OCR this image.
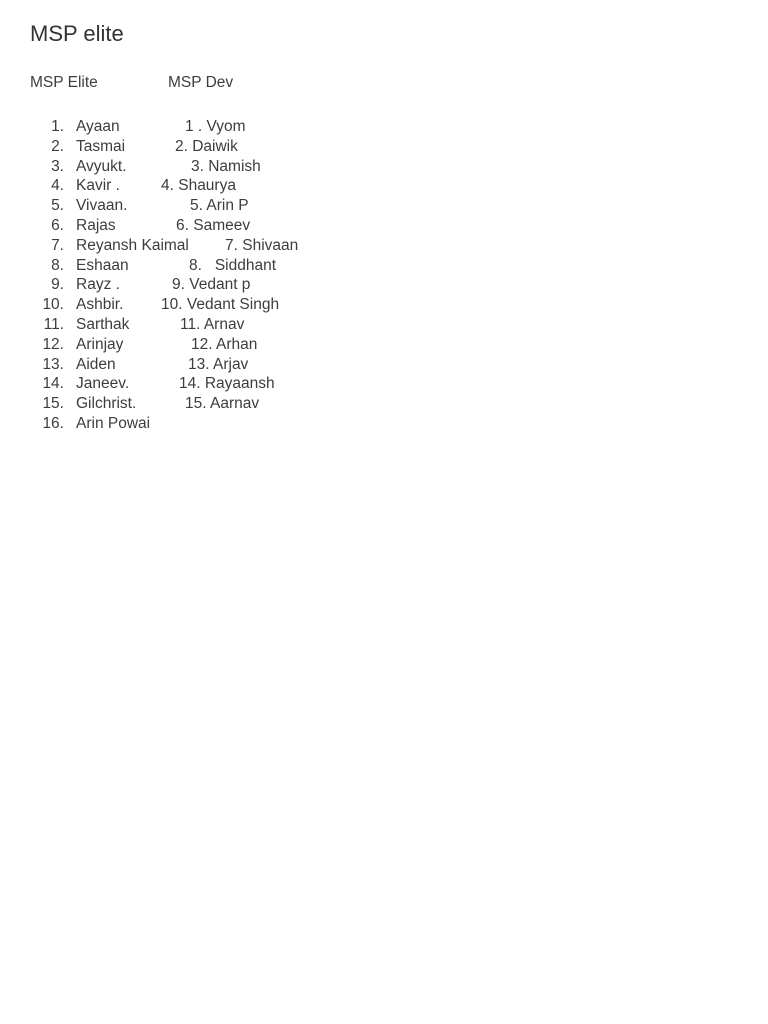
MSP elite
MSP Elite	MSP Dev
1. Ayaan	1 . Vyom
2. Tasmai	2. Daiwik
3. Avyukt.	3. Namish
4. Kavir .	4. Shaurya
5. Vivaan.	5. Arin P
6. Rajas	6. Sameev
7. Reyansh Kaimal 7. Shivaan
8. Eshaan	8.   Siddhant
9. Rayz .	9. Vedant p
10. Ashbir. 10. Vedant Singh
11. Sarthak	11. Arnav
12. Arinjay	12. Arhan
13. Aiden	13. Arjav
14. Janeev.	14. Rayaansh
15. Gilchrist.	15. Aarnav
16. Arin Powai
